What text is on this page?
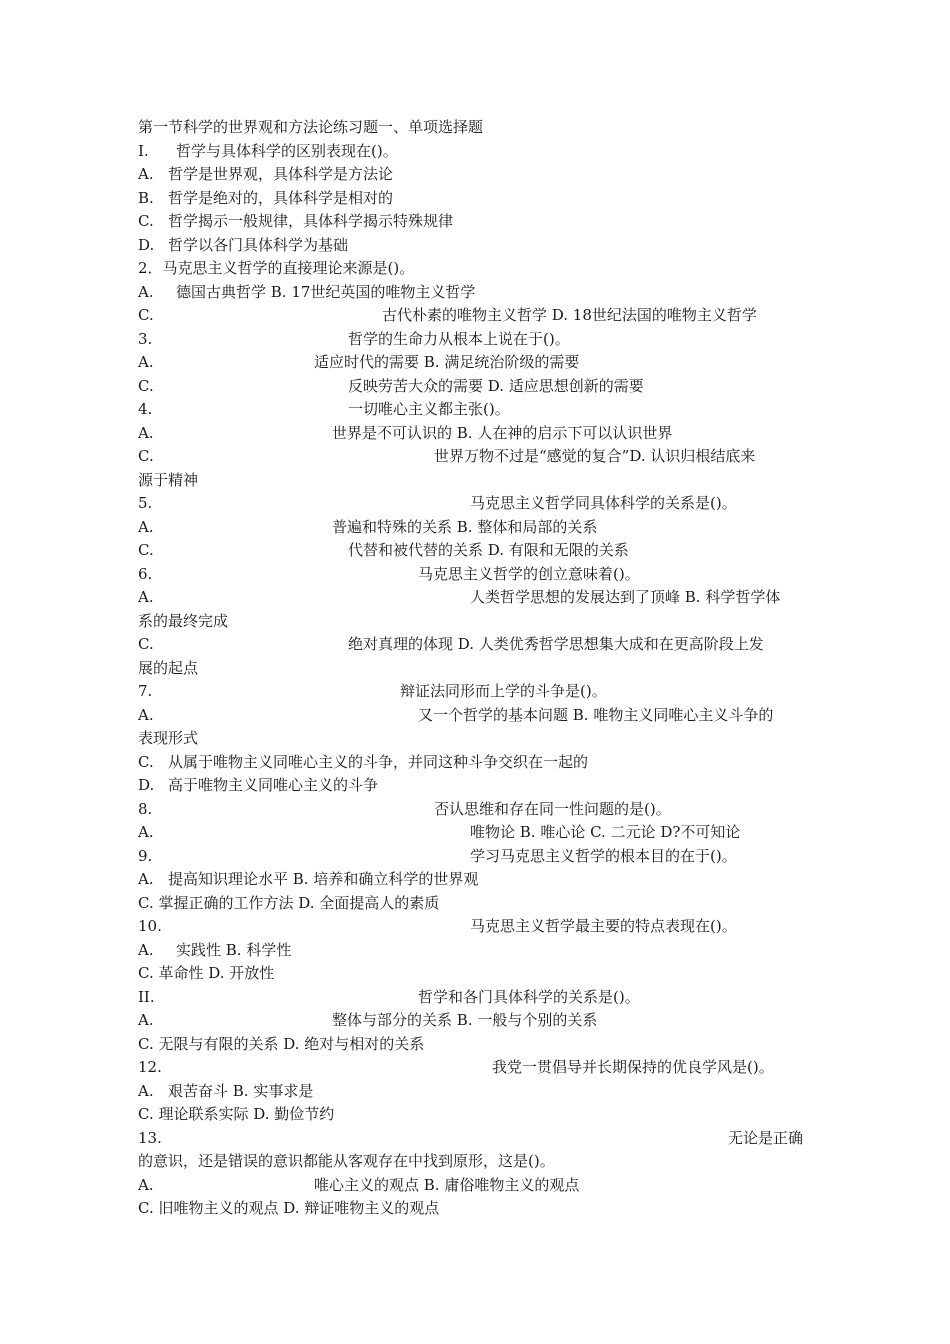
第一节科学的世界观和方法论练习题一、单项选择题
I. 哲学与具体科学的区别表现在()。
A. 哲学是世界观，具体科学是方法论
B. 哲学是绝对的，具体科学是相对的
C. 哲学揭示一般规律，具体科学揭示特殊规律
D. 哲学以各门具体科学为基础
2．马克思主义哲学的直接理论来源是()。
A. 德国古典哲学 B. 17世纪英国的唯物主义哲学
C.	古代朴素的唯物主义哲学 D. 18世纪法国的唯物主义哲学
3.	哲学的生命力从根本上说在于()。
A.	适应时代的需要 B. 满足统治阶级的需要
C.	反映劳苦大众的需要 D. 适应思想创新的需要
4.	一切唯心主义都主张()。
A.	世界是不可认识的 B. 人在神的启示下可以认识世界
C.	世界万物不过是“感觉的复合”D. 认识归根结底来
源于精神
5.	马克思主义哲学同具体科学的关系是()。
A.	普遍和特殊的关系 B. 整体和局部的关系
C.	代替和被代替的关系 D. 有限和无限的关系
6.	马克思主义哲学的创立意味着()。
A.	人类哲学思想的发展达到了顶峰 B. 科学哲学体
系的最终完成
C.	绝对真理的体现 D. 人类优秀哲学思想集大成和在更高阶段上发
展的起点
7.	辩证法同形而上学的斗争是()。
A.	又一个哲学的基本问题 B. 唯物主义同唯心主义斗争的
表现形式
C. 从属于唯物主义同唯心主义的斗争，并同这种斗争交织在一起的
D. 高于唯物主义同唯心主义的斗争
8.	否认思维和存在同一性问题的是()。
A.	唯物论 B. 唯心论 C. 二元论 D?不可知论
9.	学习马克思主义哲学的根本目的在于()。
A. 提高知识理论水平 B. 培养和确立科学的世界观
C. 掌握正确的工作方法 D. 全面提高人的素质
10.	马克思主义哲学最主要的特点表现在()。
A. 实践性 B. 科学性
C. 革命性 D. 开放性
II.	哲学和各门具体科学的关系是()。
A.	整体与部分的关系 B. 一般与个别的关系
C. 无限与有限的关系 D. 绝对与相对的关系
12.	我党一贯倡导并长期保持的优良学风是()。
A. 艰苦奋斗 B. 实事求是
C. 理论联系实际 D. 勤俭节约
13.	无论是正确
的意识，还是错误的意识都能从客观存在中找到原形，这是()。
A.	唯心主义的观点 B. 庸俗唯物主义的观点
C. 旧唯物主义的观点 D. 辩证唯物主义的观点
